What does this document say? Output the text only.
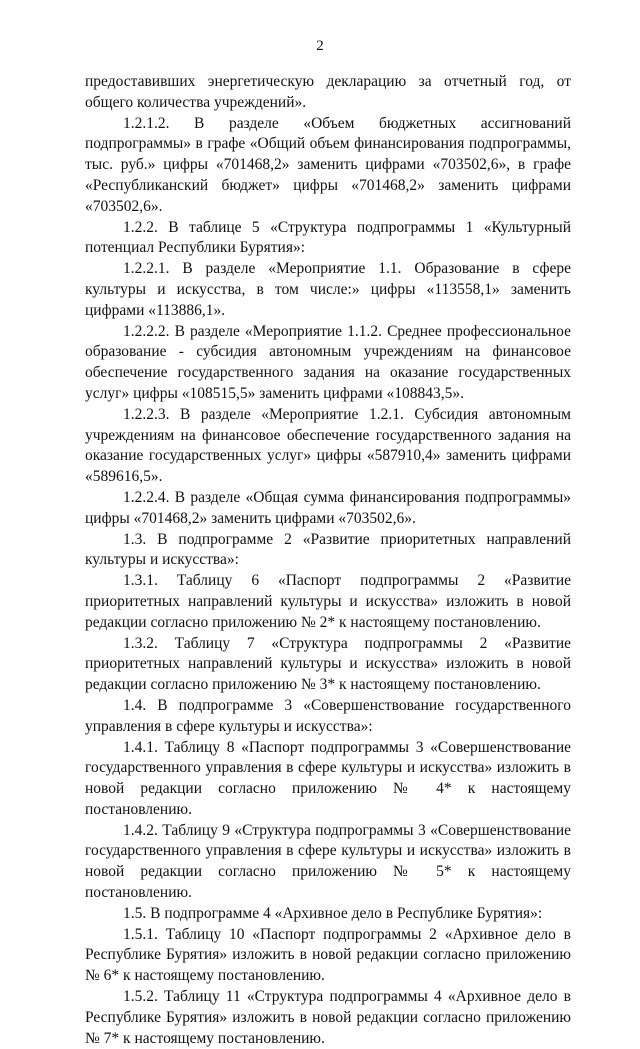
2

предоставивших энергетическую декларацию за отчетный год, от общего количества учреждений».

1.2.1.2. В разделе «Объем бюджетных ассигнований подпрограммы» в графе «Общий объем финансирования подпрограммы, тыс. руб.» цифры «701468,2» заменить цифрами «703502,6», в графе «Республиканский бюджет» цифры «701468,2» заменить цифрами «703502,6».

1.2.2. В таблице 5 «Структура подпрограммы 1 «Культурный потенциал Республики Бурятия»:

1.2.2.1. В разделе «Мероприятие 1.1. Образование в сфере культуры и искусства, в том числе:» цифры «113558,1» заменить цифрами «113886,1».

1.2.2.2. В разделе «Мероприятие 1.1.2. Среднее профессиональное образование - субсидия автономным учреждениям на финансовое обеспечение государственного задания на оказание государственных услуг» цифры «108515,5» заменить цифрами «108843,5».

1.2.2.3. В разделе «Мероприятие 1.2.1. Субсидия автономным учреждениям на финансовое обеспечение государственного задания на оказание государственных услуг» цифры «587910,4» заменить цифрами «589616,5».

1.2.2.4. В разделе «Общая сумма финансирования подпрограммы» цифры «701468,2» заменить цифрами «703502,6».

1.3. В подпрограмме 2 «Развитие приоритетных направлений культуры и искусства»:

1.3.1. Таблицу 6 «Паспорт подпрограммы 2 «Развитие приоритетных направлений культуры и искусства» изложить в новой редакции согласно приложению № 2* к настоящему постановлению.

1.3.2. Таблицу 7 «Структура подпрограммы 2 «Развитие приоритетных направлений культуры и искусства» изложить в новой редакции согласно приложению № 3* к настоящему постановлению.

1.4. В подпрограмме 3 «Совершенствование государственного управления в сфере культуры и искусства»:

1.4.1. Таблицу 8 «Паспорт подпрограммы 3 «Совершенствование государственного управления в сфере культуры и искусства» изложить в новой редакции согласно приложению № 4* к настоящему постановлению.

1.4.2. Таблицу 9 «Структура подпрограммы 3 «Совершенствование государственного управления в сфере культуры и искусства» изложить в новой редакции согласно приложению № 5* к настоящему постановлению.

1.5. В подпрограмме 4 «Архивное дело в Республике Бурятия»:

1.5.1. Таблицу 10 «Паспорт подпрограммы 2 «Архивное дело в Республике Бурятия» изложить в новой редакции согласно приложению № 6* к настоящему постановлению.

1.5.2. Таблицу 11 «Структура подпрограммы 4 «Архивное дело в Республике Бурятия» изложить в новой редакции согласно приложению № 7* к настоящему постановлению.
